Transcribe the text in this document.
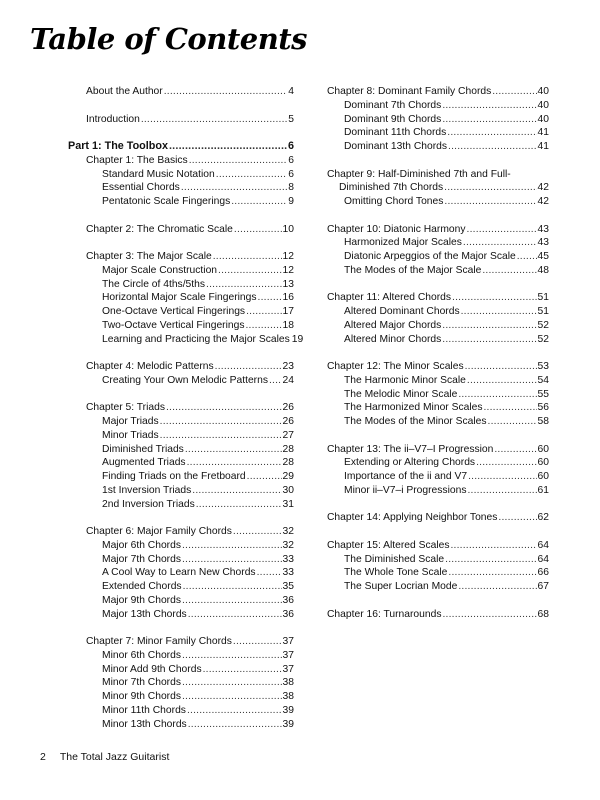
Table of Contents
About the Author .....	4
Introduction .....	5
Part 1: The Toolbox .....	6
Chapter 1: The Basics .....	6
Standard Music Notation .....	6
Essential Chords .....	8
Pentatonic Scale Fingerings .....	9
Chapter 2: The Chromatic Scale .....	10
Chapter 3: The Major Scale .....	12
Major Scale Construction .....	12
The Circle of 4ths/5ths .....	13
Horizontal Major Scale Fingerings .....	16
One-Octave Vertical Fingerings .....	17
Two-Octave Vertical Fingerings .....	18
Learning and Practicing the Major Scales 19
Chapter 4: Melodic Patterns .....	23
Creating Your Own Melodic Patterns ..... 24
Chapter 5: Triads .....	26
Major Triads .....	26
Minor Triads .....	27
Diminished Triads .....	28
Augmented Triads .....	28
Finding Triads on the Fretboard .....	29
1st Inversion Triads .....	30
2nd Inversion Triads .....	31
Chapter 6: Major Family Chords .....	32
Major 6th Chords .....	32
Major 7th Chords .....	33
A Cool Way to Learn New Chords .....	33
Extended Chords .....	35
Major 9th Chords .....	36
Major 13th Chords .....	36
Chapter 7: Minor Family Chords .....	37
Minor 6th Chords .....	37
Minor Add 9th Chords .....	37
Minor 7th Chords .....	38
Minor 9th Chords .....	38
Minor 11th Chords .....	39
Minor 13th Chords .....	39
Chapter 8: Dominant Family Chords .....	40
Dominant 7th Chords .....	40
Dominant 9th Chords .....	40
Dominant 11th Chords .....	41
Dominant 13th Chords .....	41
Chapter 9: Half-Diminished 7th and Full-
Diminished 7th Chords .....	42
Omitting Chord Tones .....	42
Chapter 10: Diatonic Harmony .....	43
Harmonized Major Scales .....	43
Diatonic Arpeggios of the Major Scale ..... 45
The Modes of the Major Scale .....	48
Chapter 11: Altered Chords .....	51
Altered Dominant Chords .....	51
Altered Major Chords .....	52
Altered Minor Chords .....	52
Chapter 12: The Minor Scales .....	53
The Harmonic Minor Scale .....	54
The Melodic Minor Scale .....	55
The Harmonized Minor Scales .....	56
The Modes of the Minor Scales .....	58
Chapter 13: The ii–V7–I Progression .....	60
Extending or Altering Chords .....	60
Importance of the ii and V7 .....	60
Minor ii–V7–i Progressions .....	61
Chapter 14: Applying Neighbor Tones .....	62
Chapter 15: Altered Scales .....	64
The Diminished Scale .....	64
The Whole Tone Scale .....	66
The Super Locrian Mode .....	67
Chapter 16: Turnarounds .....	68
2 The Total Jazz Guitarist
